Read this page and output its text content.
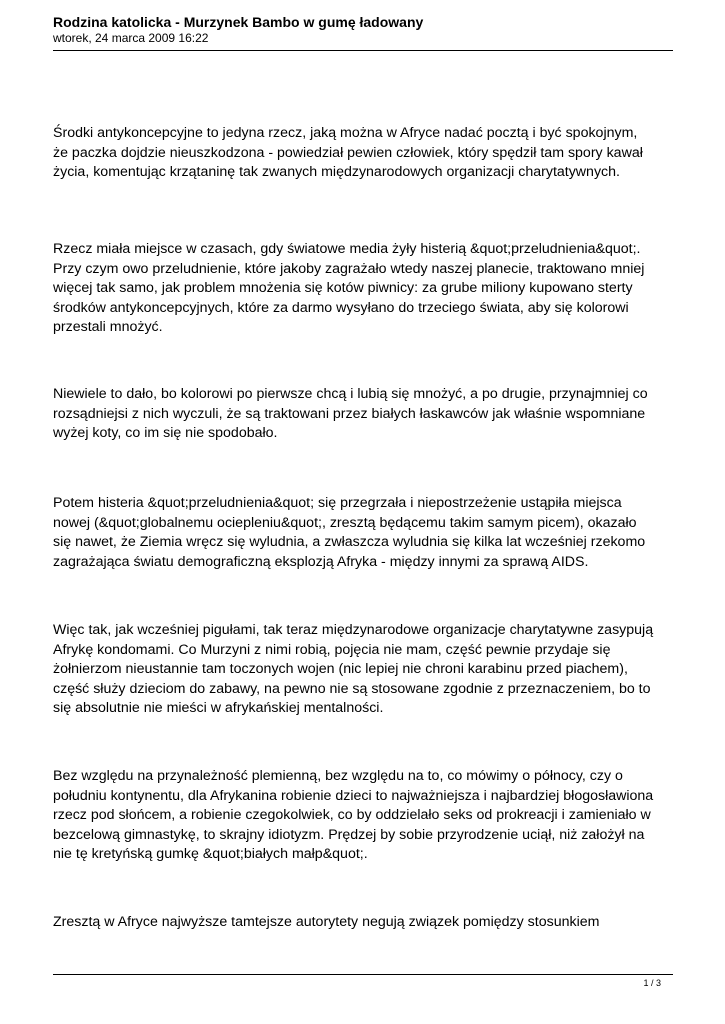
Rodzina katolicka - Murzynek Bambo w gumę ładowany

wtorek, 24 marca 2009 16:22

Środki antykoncepcyjne to jedyna rzecz, jaką można w Afryce nadać pocztą i być spokojnym,
że paczka dojdzie nieuszkodzona - powiedział pewien człowiek, który spędził tam spory kawał
życia, komentując krzątaninę tak zwanych międzynarodowych organizacji charytatywnych.

Rzecz miała miejsce w czasach, gdy światowe media żyły histerią &quot;przeludnienia&quot;.
Przy czym owo przeludnienie, które jakoby zagrażało wtedy naszej planecie, traktowano mniej
więcej tak samo, jak problem mnożenia się kotów piwnicy: za grube miliony kupowano sterty
środków antykoncepcyjnych, które za darmo wysyłano do trzeciego świata, aby się kolorowi
przestali mnożyć.

Niewiele to dało, bo kolorowi po pierwsze chcą i lubią się mnożyć, a po drugie, przynajmniej co
rozsądniejsi z nich wyczuli, że są traktowani przez białych łaskawców jak właśnie wspomniane
wyżej koty, co im się nie spodobało.

Potem histeria &quot;przeludnienia&quot; się przegrzała i niepostrzeżenie ustąpiła miejsca
nowej (&quot;globalnemu ociepleniu&quot;, zresztą będącemu takim samym picem), okazało
się nawet, że Ziemia wręcz się wyludnia, a zwłaszcza wyludnia się kilka lat wcześniej rzekomo
zagrażająca światu demograficzną eksplozją Afryka - między innymi za sprawą AIDS.

Więc tak, jak wcześniej pigułami, tak teraz międzynarodowe organizacje charytatywne zasypują
Afrykę kondomami. Co Murzyni z nimi robią, pojęcia nie mam, część pewnie przydaje się
żołnierzom nieustannie tam toczonych wojen (nic lepiej nie chroni karabinu przed piachem),
część służy dzieciom do zabawy, na pewno nie są stosowane zgodnie z przeznaczeniem, bo to
się absolutnie nie mieści w afrykańskiej mentalności.

Bez względu na przynależność plemienną, bez względu na to, co mówimy o północy, czy o
południu kontynentu, dla Afrykanina robienie dzieci to najważniejsza i najbardziej błogosławiona
rzecz pod słońcem, a robienie czegokolwiek, co by oddzielało seks od prokreacji i zamieniało w
bezcelową gimnastykę, to skrajny idiotyzm. Prędzej by sobie przyrodzenie uciął, niż założył na
nie tę kretyńską gumkę &quot;białych małp&quot;.

Zresztą w Afryce najwyższe tamtejsze autorytety negują związek pomiędzy stosunkiem

1 / 3
